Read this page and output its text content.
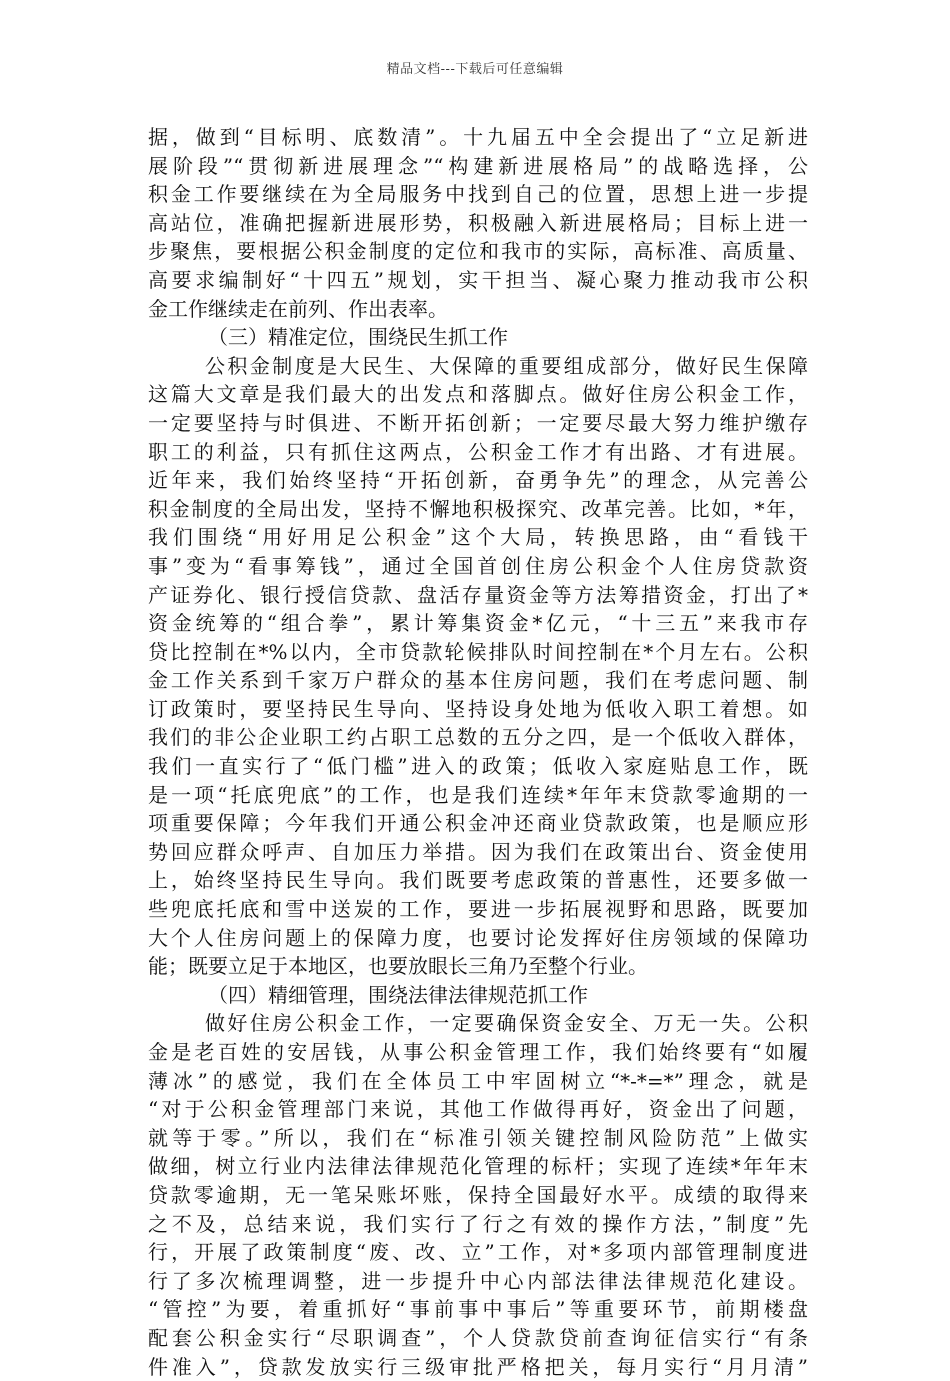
精品文档---下载后可任意编辑
据，做到“目标明、底数清”。十九届五中全会提出了“立足新进
展阶段”“贯彻新进展理念”“构建新进展格局”的战略选择，公
积金工作要继续在为全局服务中找到自己的位置，思想上进一步提
高站位，准确把握新进展形势，积极融入新进展格局；目标上进一
步聚焦，要根据公积金制度的定位和我市的实际，高标准、高质量、
高要求编制好“十四五”规划，实干担当、凝心聚力推动我市公积
金工作继续走在前列、作出表率。
（三）精准定位，围绕民生抓工作
公积金制度是大民生、大保障的重要组成部分，做好民生保障
这篇大文章是我们最大的出发点和落脚点。做好住房公积金工作，
一定要坚持与时俱进、不断开拓创新；一定要尽最大努力维护缴存
职工的利益，只有抓住这两点，公积金工作才有出路、才有进展。
近年来，我们始终坚持“开拓创新，奋勇争先”的理念，从完善公
积金制度的全局出发，坚持不懈地积极探究、改革完善。比如，*年，
我们围绕“用好用足公积金”这个大局，转换思路，由“看钱干
事”变为“看事筹钱”，通过全国首创住房公积金个人住房贷款资
产证券化、银行授信贷款、盘活存量资金等方法筹措资金，打出了*
资金统筹的“组合拳”，累计筹集资金*亿元，“十三五”来我市存
贷比控制在*%以内，全市贷款轮候排队时间控制在*个月左右。公积
金工作关系到千家万户群众的基本住房问题，我们在考虑问题、制
订政策时，要坚持民生导向、坚持设身处地为低收入职工着想。如
我们的非公企业职工约占职工总数的五分之四，是一个低收入群体，
我们一直实行了“低门槛”进入的政策；低收入家庭贴息工作，既
是一项“托底兜底”的工作，也是我们连续*年年末贷款零逾期的一
项重要保障；今年我们开通公积金冲还商业贷款政策，也是顺应形
势回应群众呼声、自加压力举措。因为我们在政策出台、资金使用
上，始终坚持民生导向。我们既要考虑政策的普惠性，还要多做一
些兜底托底和雪中送炭的工作，要进一步拓展视野和思路，既要加
大个人住房问题上的保障力度，也要讨论发挥好住房领域的保障功
能；既要立足于本地区，也要放眼长三角乃至整个行业。
（四）精细管理，围绕法律法律规范抓工作
做好住房公积金工作，一定要确保资金安全、万无一失。公积
金是老百姓的安居钱，从事公积金管理工作，我们始终要有“如履
薄冰”的感觉，我们在全体员工中牢固树立“*-*=*”理念，就是
“对于公积金管理部门来说，其他工作做得再好，资金出了问题，
就等于零。”所以，我们在“标准引领关键控制风险防范”上做实
做细，树立行业内法律法律规范化管理的标杆；实现了连续*年年末
贷款零逾期，无一笔呆账坏账，保持全国最好水平。成绩的取得来
之不及，总结来说，我们实行了行之有效的操作方法，”制度”先
行，开展了政策制度“废、改、立”工作，对*多项内部管理制度进
行了多次梳理调整，进一步提升中心内部法律法律规范化建设。
“管控”为要，着重抓好“事前事中事后”等重要环节，前期楼盘
配套公积金实行“尽职调查”，个人贷款贷前查询征信实行“有条
件准入”，贷款发放实行三级审批严格把关，每月实行“月月清”
